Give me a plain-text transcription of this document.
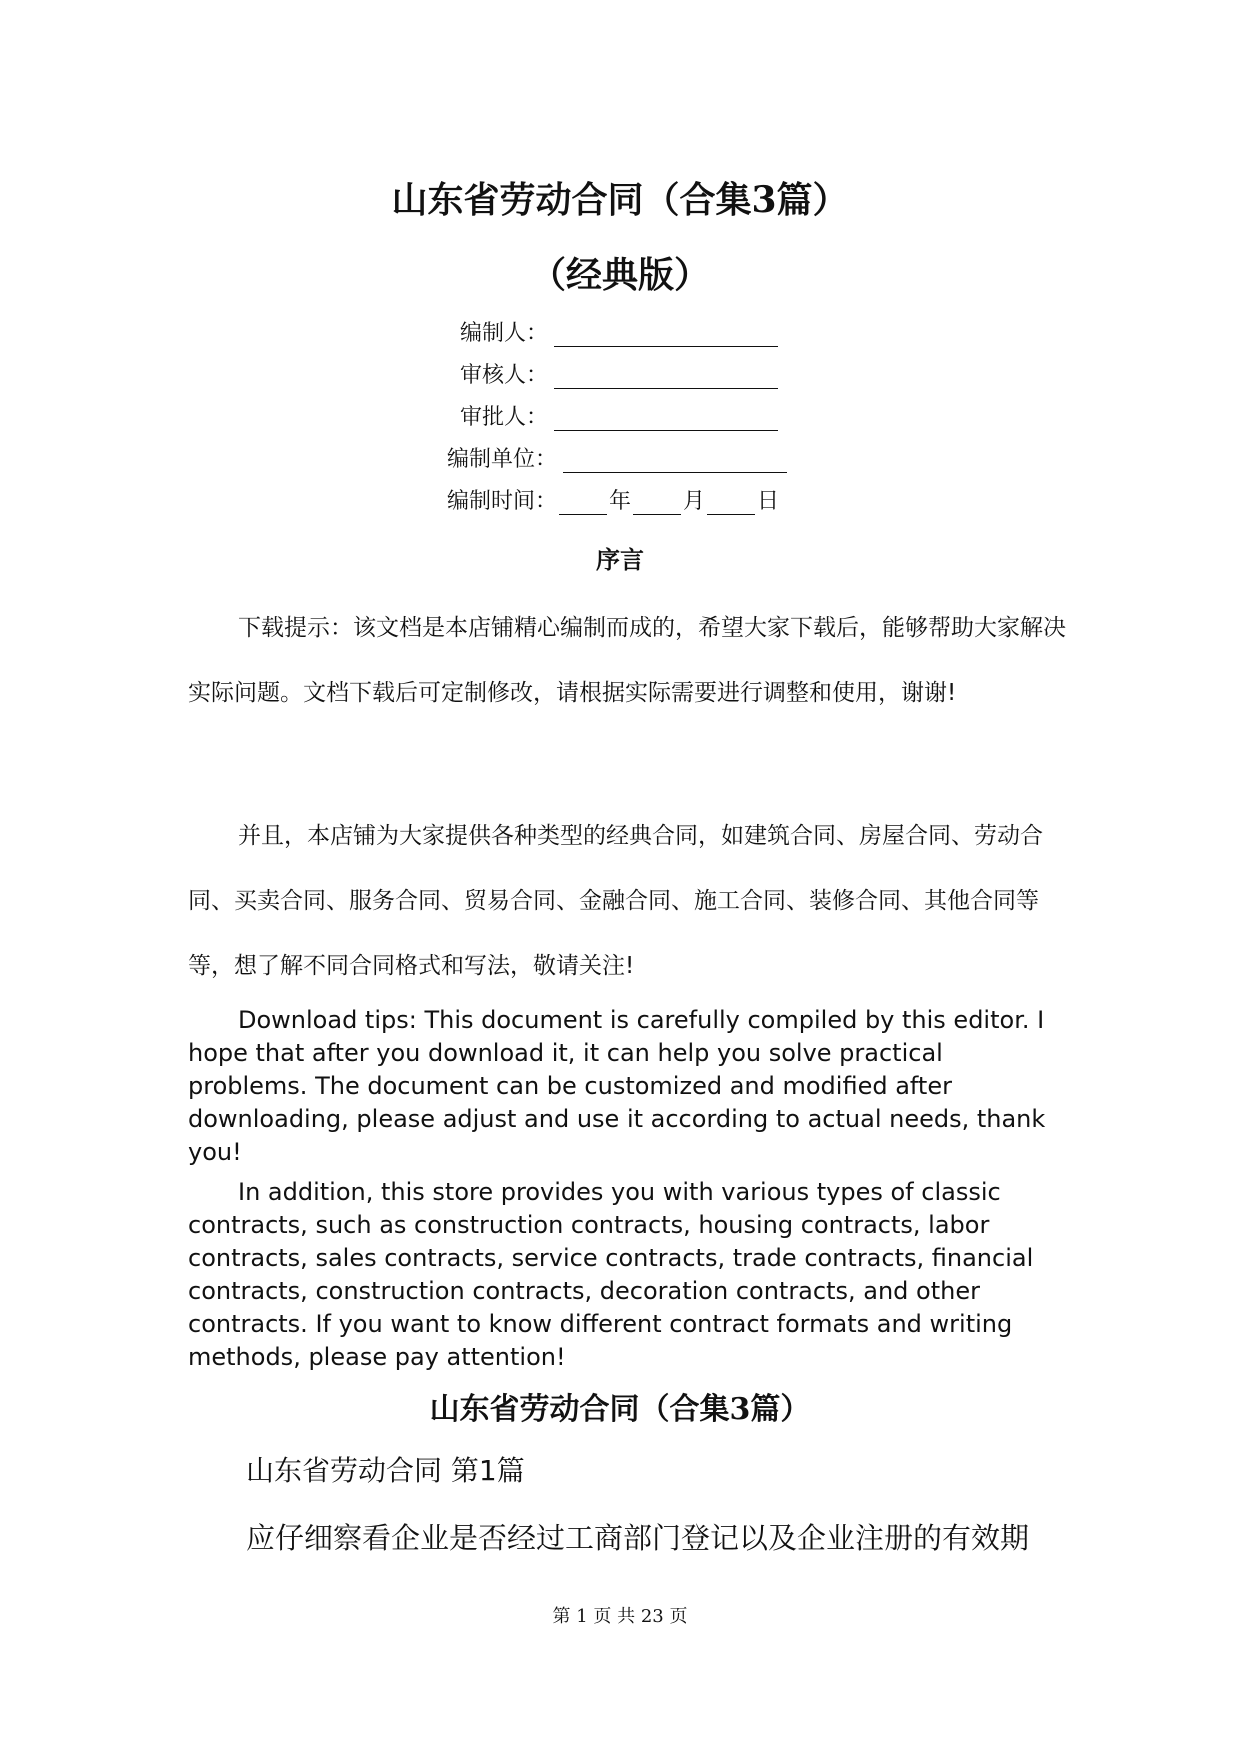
山东省劳动合同（合集3篇）
（经典版）
编制人：
审核人：
审批人：
编制单位：
编制时间： 年 月 日
序言
下载提示：该文档是本店铺精心编制而成的，希望大家下载后，能够帮助大家解决实际问题。文档下载后可定制修改，请根据实际需要进行调整和使用，谢谢!
并且，本店铺为大家提供各种类型的经典合同，如建筑合同、房屋合同、劳动合同、买卖合同、服务合同、贸易合同、金融合同、施工合同、装修合同、其他合同等等，想了解不同合同格式和写法，敬请关注!
Download tips: This document is carefully compiled by this editor. I hope that after you download it, it can help you solve practical problems. The document can be customized and modified after downloading, please adjust and use it according to actual needs, thank you!
In addition, this store provides you with various types of classic contracts, such as construction contracts, housing contracts, labor contracts, sales contracts, service contracts, trade contracts, financial contracts, construction contracts, decoration contracts, and other contracts. If you want to know different contract formats and writing methods, please pay attention!
山东省劳动合同（合集3篇）
山东省劳动合同 第1篇
应仔细察看企业是否经过工商部门登记以及企业注册的有效期
第 1 页 共 23 页
